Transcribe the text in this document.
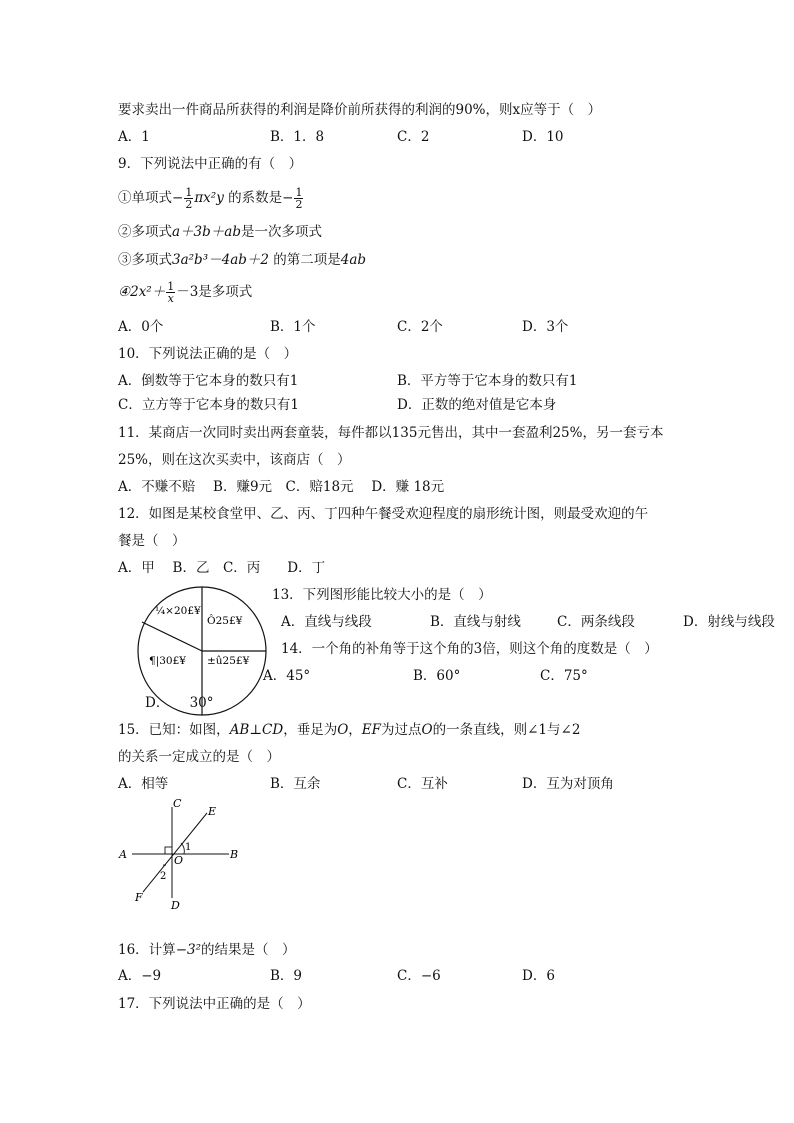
要求卖出一件商品所获得的利润是降价前所获得的利润的90%，则x应等于（　）
A．1	B．1．8	C．2	D．10
9．下列说法中正确的有（　）
①单项式− $\frac{1}{2} \pi x^2y$ 的系数是− $\frac{1}{2}$
②多项式a＋3b＋ab是一次多项式
③多项式3a²b³－4ab＋2 的第二项是4ab
④2x²＋ $\frac{1}{x} -3$是多项式
A．0个	B．1个	C．2个	D．3个
10．下列说法正确的是（　）
A．倒数等于它本身的数只有1	B．平方等于它本身的数只有1
C．立方等于它本身的数只有1	D．正数的绝对值是它本身
11．某商店一次同时卖出两套童装，每件都以135元售出，其中一套盈利25%，另一套亏本
25%，则在这次买卖中，该商店（　）
A．不赚不赔　 B．赚9元　C．赔18元　 D．赚 18元
12．如图是某校食堂甲、乙、丙、丁四种午餐受欢迎程度的扇形统计图，则最受欢迎的午
餐是（　）
A．甲　 B．乙　C．丙　　D．丁
¼×20£¥
Ô25£¥
¶|30£¥ ±û25£¥
13．下列图形能比较大小的是（　）
A．直线与线段	B．直线与射线	C．两条线段	D．射线与线段
14．一个角的补角等于这个角的3倍，则这个角的度数是（　）
A．45°	B．60°	C．75°
D．　　30°
15．已知：如图，AB⊥CD，垂足为O，EF为过点O的一条直线，则∠1与∠2
的关系一定成立的是（　）
A．相等	B．互余	C．互补	D．互为对顶角
A	B
C
D
E
F
O
1
2
16．计算−3²的结果是（　）
A．−9	B．9	C．−6	D．6
17．下列说法中正确的是（　）
